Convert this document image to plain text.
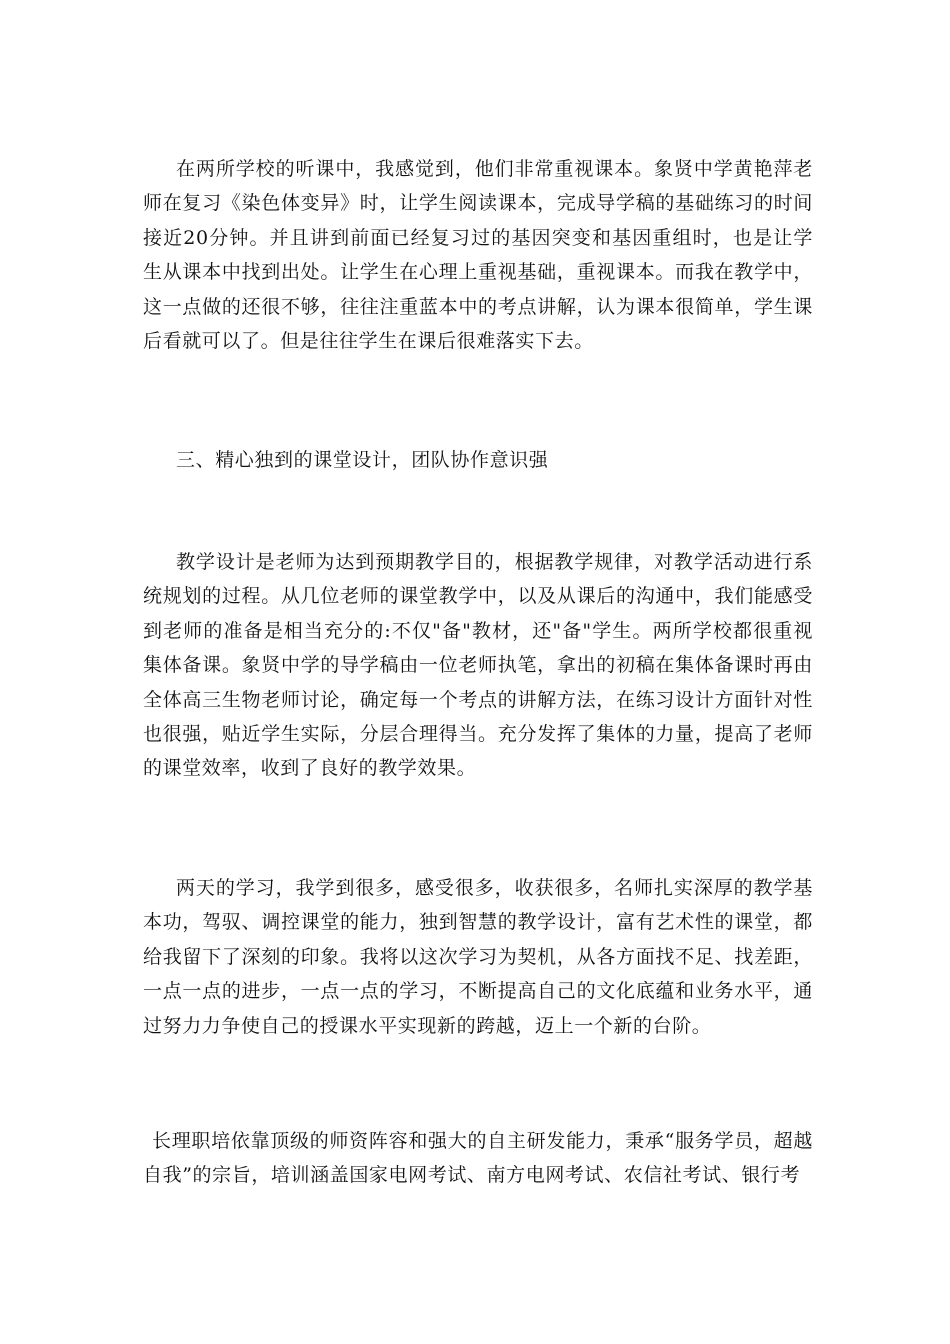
在两所学校的听课中，我感觉到，他们非常重视课本。象贤中学黄艳萍老师在复习《染色体变异》时，让学生阅读课本，完成导学稿的基础练习的时间接近20分钟。并且讲到前面已经复习过的基因突变和基因重组时，也是让学生从课本中找到出处。让学生在心理上重视基础，重视课本。而我在教学中，这一点做的还很不够，往往注重蓝本中的考点讲解，认为课本很简单，学生课后看就可以了。但是往往学生在课后很难落实下去。

三、精心独到的课堂设计，团队协作意识强

教学设计是老师为达到预期教学目的，根据教学规律，对教学活动进行系统规划的过程。从几位老师的课堂教学中，以及从课后的沟通中，我们能感受到老师的准备是相当充分的:不仅"备"教材，还"备"学生。两所学校都很重视集体备课。象贤中学的导学稿由一位老师执笔，拿出的初稿在集体备课时再由全体高三生物老师讨论，确定每一个考点的讲解方法，在练习设计方面针对性也很强，贴近学生实际，分层合理得当。充分发挥了集体的力量，提高了老师的课堂效率，收到了良好的教学效果。

两天的学习，我学到很多，感受很多，收获很多，名师扎实深厚的教学基本功，驾驭、调控课堂的能力，独到智慧的教学设计，富有艺术性的课堂，都给我留下了深刻的印象。我将以这次学习为契机，从各方面找不足、找差距，一点一点的进步，一点一点的学习，不断提高自己的文化底蕴和业务水平，通过努力力争使自己的授课水平实现新的跨越，迈上一个新的台阶。

长理职培依靠顶级的师资阵容和强大的自主研发能力，秉承“服务学员，超越自我”的宗旨，培训涵盖国家电网考试、南方电网考试、农信社考试、银行考
